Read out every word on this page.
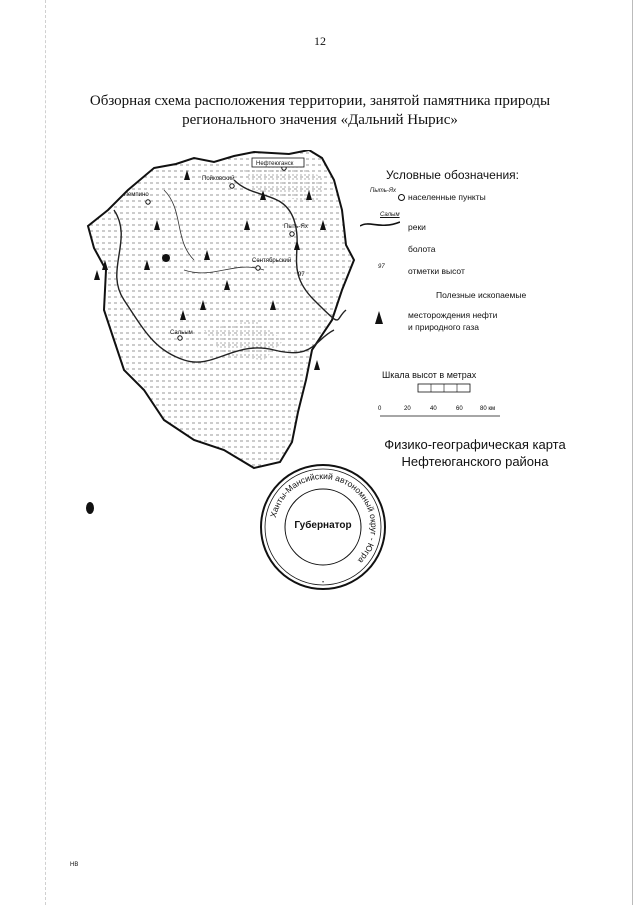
12
Обзорная схема расположения территории, занятой памятника природы
регионального значения «Дальний Нырис»
Нефтеюганск
Пойковский
Лемпино
Пыть-Ях
Сентябрьский
Сальым
97
Условные обозначения:
Пыть-Ях
населенные пункты
Салым
реки
болота
97	отметки высот
Полезные ископаемые
месторождения нефти
и природного газа
Шкала высот в метрах
0	20	40	60	80 км
Физико-географическая карта
Нефтеюганского района
Ханты-Мансийский автономный округ - Югра
•
Губернатор
НВ
